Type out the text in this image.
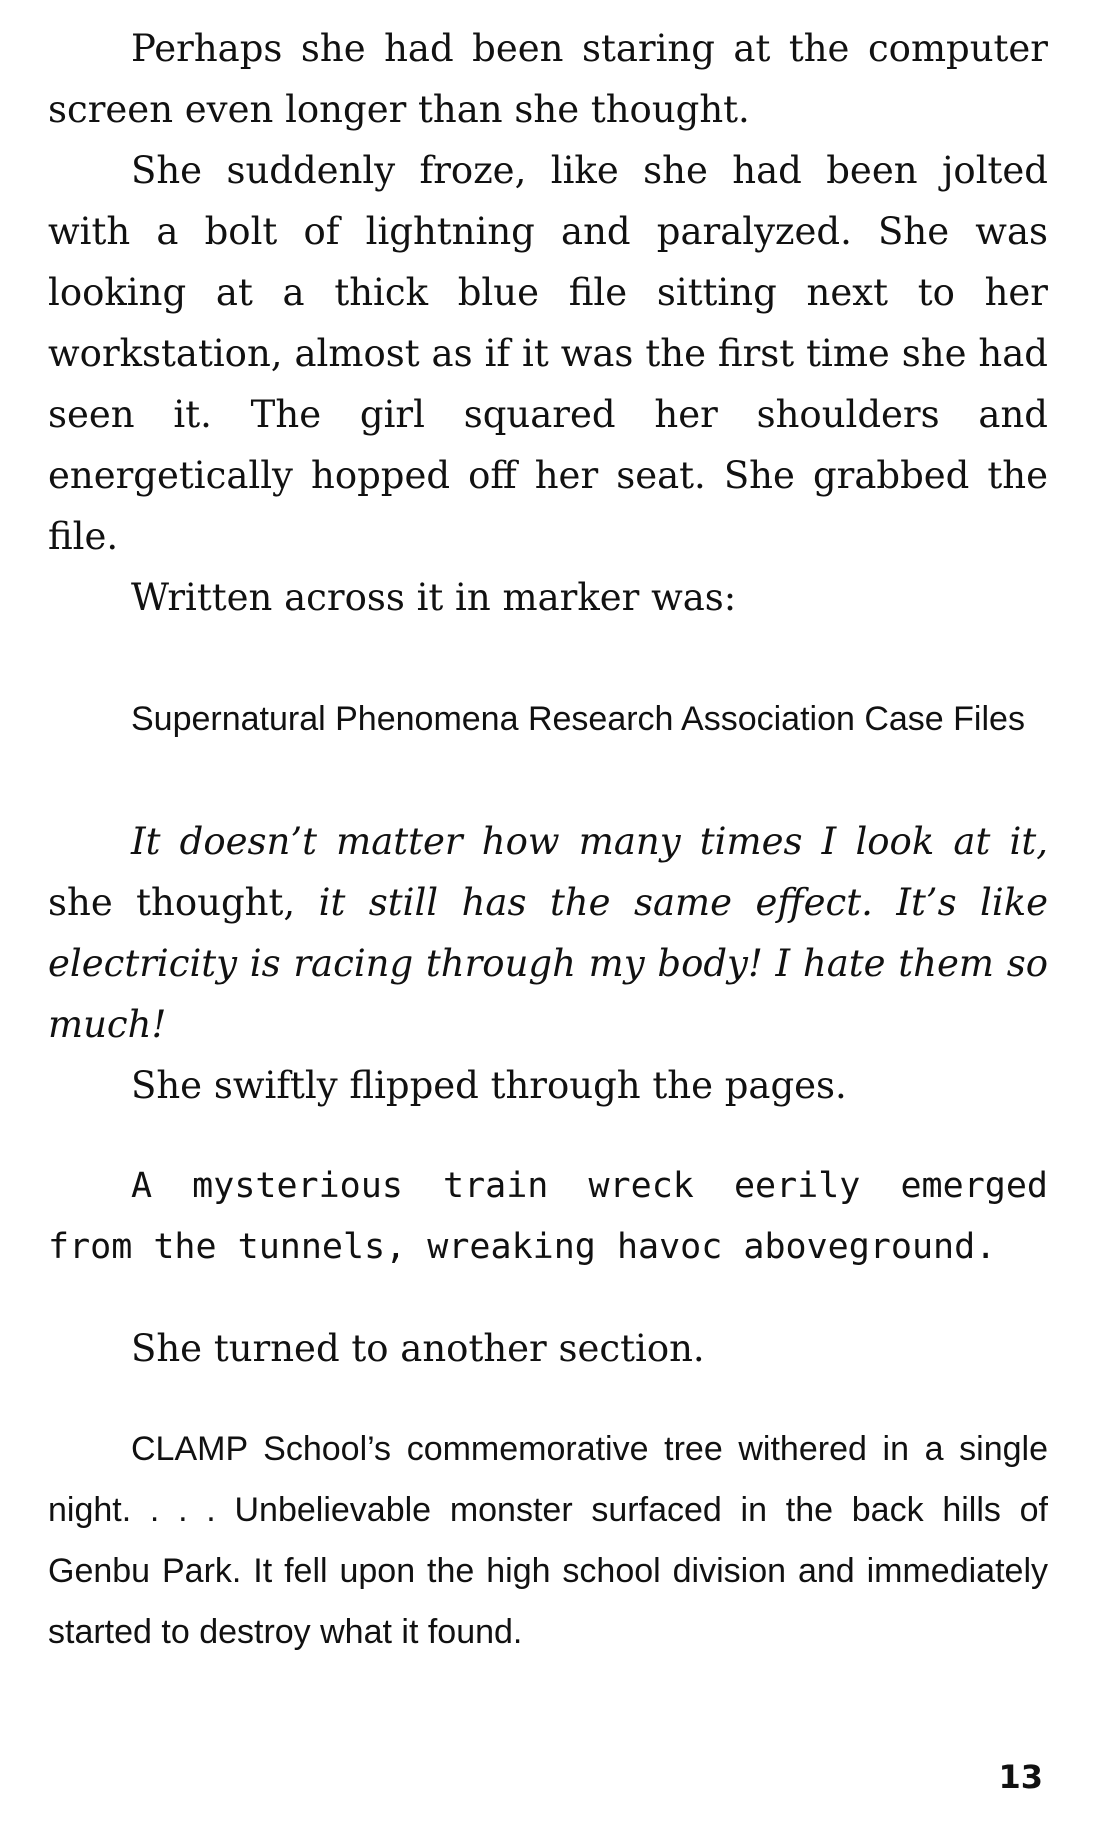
Perhaps she had been staring at the computer screen even longer than she thought.

She suddenly froze, like she had been jolted with a bolt of lightning and paralyzed. She was looking at a thick blue file sitting next to her workstation, almost as if it was the first time she had seen it. The girl squared her shoulders and energetically hopped off her seat. She grabbed the file.

Written across it in marker was:

Supernatural Phenomena Research Association Case Files

It doesn’t matter how many times I look at it, she thought, it still has the same effect. It’s like electricity is racing through my body! I hate them so much!

She swiftly flipped through the pages.

A mysterious train wreck eerily emerged from the tunnels, wreaking havoc aboveground.

She turned to another section.

CLAMP School’s commemorative tree withered in a single night. . . . Unbelievable monster surfaced in the back hills of Genbu Park. It fell upon the high school division and immediately started to destroy what it found.

13
